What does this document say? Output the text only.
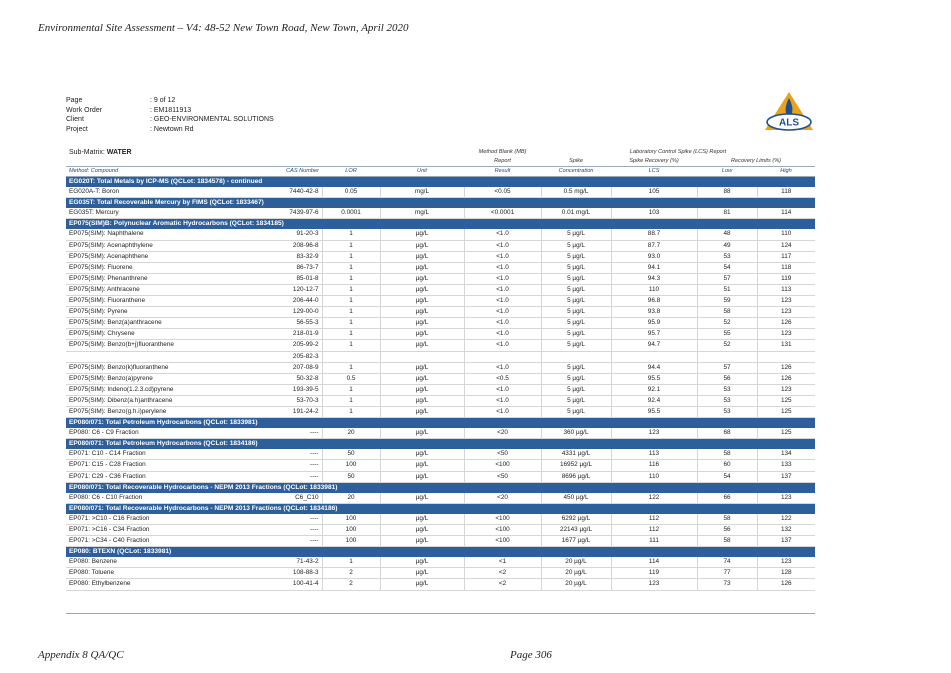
Environmental Site Assessment – V4: 48-52 New Town Road, New Town, April 2020
Page	: 9 of 12
Work Order	: EM1811913
Client	: GEO-ENVIRONMENTAL SOLUTIONS
Project	: Newtown Rd
ALS
Sub-Matrix: WATER				Method Blank (MB)	Laboratory Control Spike (LCS) Report			
				Report	Spike	Spike Recovery (%)	Recovery Limits (%)	
Method: Compound	CAS Number	LOR	Unit	Result	Concentration	LCS	Low	High
EG020T: Total Metals by ICP-MS (QCLot: 1834578) - continued								
EG020A-T: Boron	7440-42-8	0.05	mg/L	<0.05	0.5 mg/L	105	88	118
EG035T: Total Recoverable Mercury by FIMS (QCLot: 1833467)								
EG035T: Mercury	7439-97-6	0.0001	mg/L	<0.0001	0.01 mg/L	103	81	114
EP075(SIM)B: Polynuclear Aromatic Hydrocarbons (QCLot: 1834185)								
EP075(SIM): Naphthalene	91-20-3	1	µg/L	<1.0	5 µg/L	88.7	48	110
EP075(SIM): Acenaphthylene	208-96-8	1	µg/L	<1.0	5 µg/L	87.7	49	124
EP075(SIM): Acenaphthene	83-32-9	1	µg/L	<1.0	5 µg/L	93.0	53	117
EP075(SIM): Fluorene	86-73-7	1	µg/L	<1.0	5 µg/L	94.1	54	118
EP075(SIM): Phenanthrene	85-01-8	1	µg/L	<1.0	5 µg/L	94.3	57	119
EP075(SIM): Anthracene	120-12-7	1	µg/L	<1.0	5 µg/L	110	51	113
EP075(SIM): Fluoranthene	206-44-0	1	µg/L	<1.0	5 µg/L	96.8	59	123
EP075(SIM): Pyrene	129-00-0	1	µg/L	<1.0	5 µg/L	93.8	58	123
EP075(SIM): Benz(a)anthracene	56-55-3	1	µg/L	<1.0	5 µg/L	95.9	52	126
EP075(SIM): Chrysene	218-01-9	1	µg/L	<1.0	5 µg/L	95.7	55	123
EP075(SIM): Benzo(b+j)fluoranthene	205-99-2	1	µg/L	<1.0	5 µg/L	94.7	52	131
	205-82-3							
EP075(SIM): Benzo(k)fluoranthene	207-08-9	1	µg/L	<1.0	5 µg/L	94.4	57	126
EP075(SIM): Benzo(a)pyrene	50-32-8	0.5	µg/L	<0.5	5 µg/L	95.5	56	126
EP075(SIM): Indeno(1.2.3.cd)pyrene	193-39-5	1	µg/L	<1.0	5 µg/L	92.1	53	123
EP075(SIM): Dibenz(a.h)anthracene	53-70-3	1	µg/L	<1.0	5 µg/L	92.4	53	125
EP075(SIM): Benzo(g.h.i)perylene	191-24-2	1	µg/L	<1.0	5 µg/L	95.5	53	125
EP080/071: Total Petroleum Hydrocarbons (QCLot: 1833981)								
EP080: C6 - C9 Fraction	----	20	µg/L	<20	360 µg/L	123	68	125
EP080/071: Total Petroleum Hydrocarbons (QCLot: 1834186)								
EP071: C10 - C14 Fraction	----	50	µg/L	<50	4331 µg/L	113	58	134
EP071: C15 - C28 Fraction	----	100	µg/L	<100	16952 µg/L	116	60	133
EP071: C29 - C36 Fraction	----	50	µg/L	<50	8696 µg/L	110	54	137
EP080/071: Total Recoverable Hydrocarbons - NEPM 2013 Fractions (QCLot: 1833981)								
EP080: C6 - C10 Fraction	C6_C10	20	µg/L	<20	450 µg/L	122	66	123
EP080/071: Total Recoverable Hydrocarbons - NEPM 2013 Fractions (QCLot: 1834186)								
EP071: >C10 - C16 Fraction	----	100	µg/L	<100	6292 µg/L	112	58	122
EP071: >C16 - C34 Fraction	----	100	µg/L	<100	22143 µg/L	112	56	132
EP071: >C34 - C40 Fraction	----	100	µg/L	<100	1677 µg/L	111	58	137
EP080: BTEXN (QCLot: 1833981)								
EP080: Benzene	71-43-2	1	µg/L	<1	20 µg/L	114	74	123
EP080: Toluene	108-88-3	2	µg/L	<2	20 µg/L	119	77	128
EP080: Ethylbenzene	100-41-4	2	µg/L	<2	20 µg/L	123	73	126
Appendix 8 QA/QC	Page 306
